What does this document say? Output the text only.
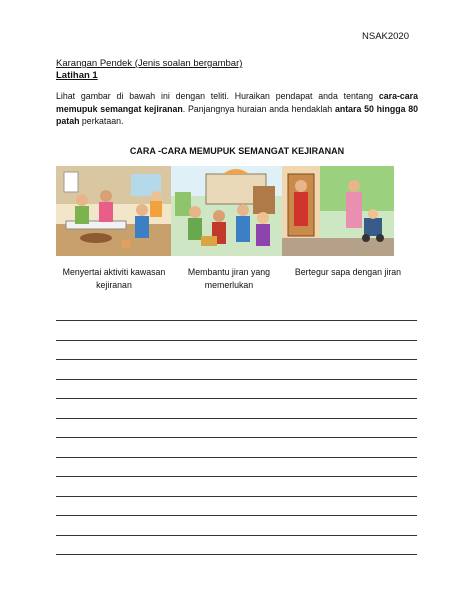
NSAK2020
Karangan Pendek (Jenis soalan bergambar)
Latihan 1
Lihat gambar di bawah ini dengan teliti. Huraikan pendapat anda tentang cara-cara memupuk semangat kejiranan. Panjangnya huraian anda hendaklah antara 50 hingga 80 patah perkataan.
CARA -CARA MEMUPUK SEMANGAT KEJIRANAN
Menyertai aktiviti kawasan kejiranan
Membantu jiran yang memerlukan
Bertegur sapa dengan jiran
